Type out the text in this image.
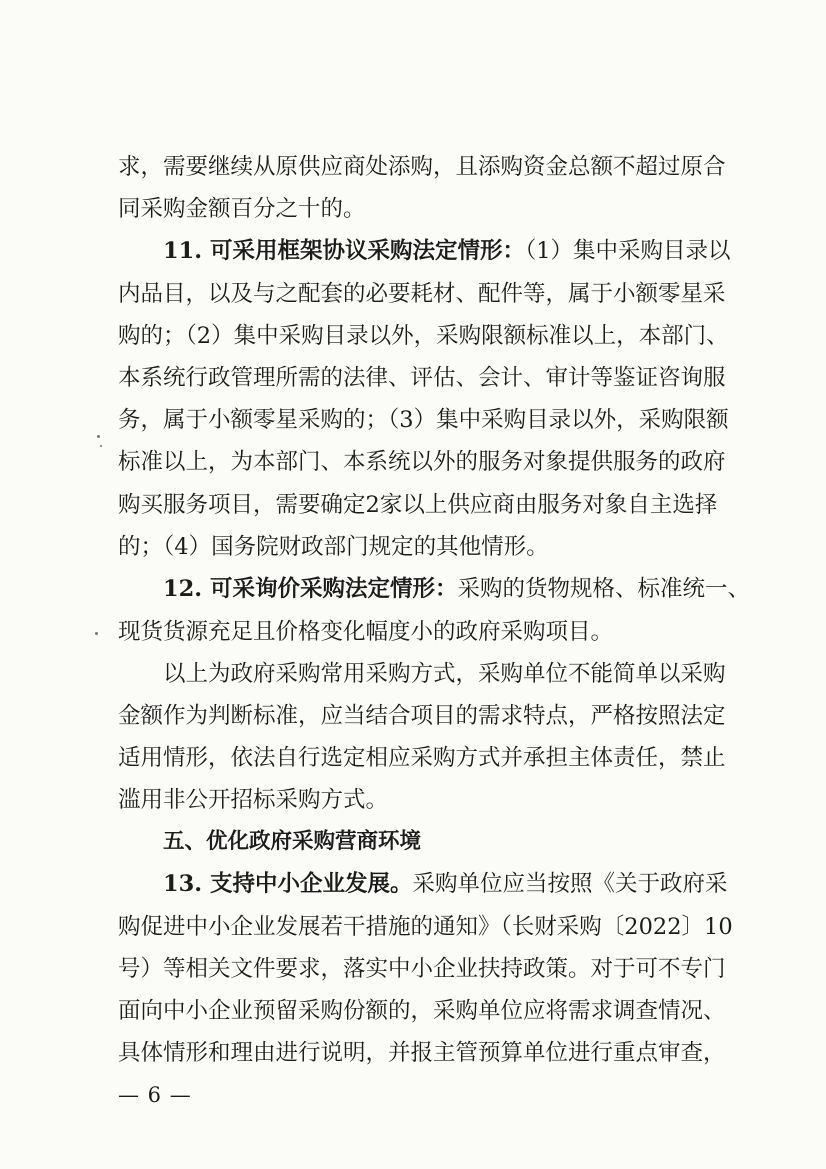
求，需要继续从原供应商处添购，且添购资金总额不超过原合
同采购金额百分之十的。
11. 可采用框架协议采购法定情形：（1）集中采购目录以
内品目，以及与之配套的必要耗材、配件等，属于小额零星采
购的；（2）集中采购目录以外，采购限额标准以上，本部门、
本系统行政管理所需的法律、评估、会计、审计等鉴证咨询服
务，属于小额零星采购的；（3）集中采购目录以外，采购限额
标准以上，为本部门、本系统以外的服务对象提供服务的政府
购买服务项目，需要确定2家以上供应商由服务对象自主选择
的；（4）国务院财政部门规定的其他情形。
12. 可采询价采购法定情形：采购的货物规格、标准统一、
现货货源充足且价格变化幅度小的政府采购项目。
以上为政府采购常用采购方式，采购单位不能简单以采购
金额作为判断标准，应当结合项目的需求特点，严格按照法定
适用情形，依法自行选定相应采购方式并承担主体责任，禁止
滥用非公开招标采购方式。
五、优化政府采购营商环境
13. 支持中小企业发展。采购单位应当按照《关于政府采
购促进中小企业发展若干措施的通知》（长财采购〔2022〕10
号）等相关文件要求，落实中小企业扶持政策。对于可不专门
面向中小企业预留采购份额的，采购单位应将需求调查情况、
具体情形和理由进行说明，并报主管预算单位进行重点审查，
— 6 —
